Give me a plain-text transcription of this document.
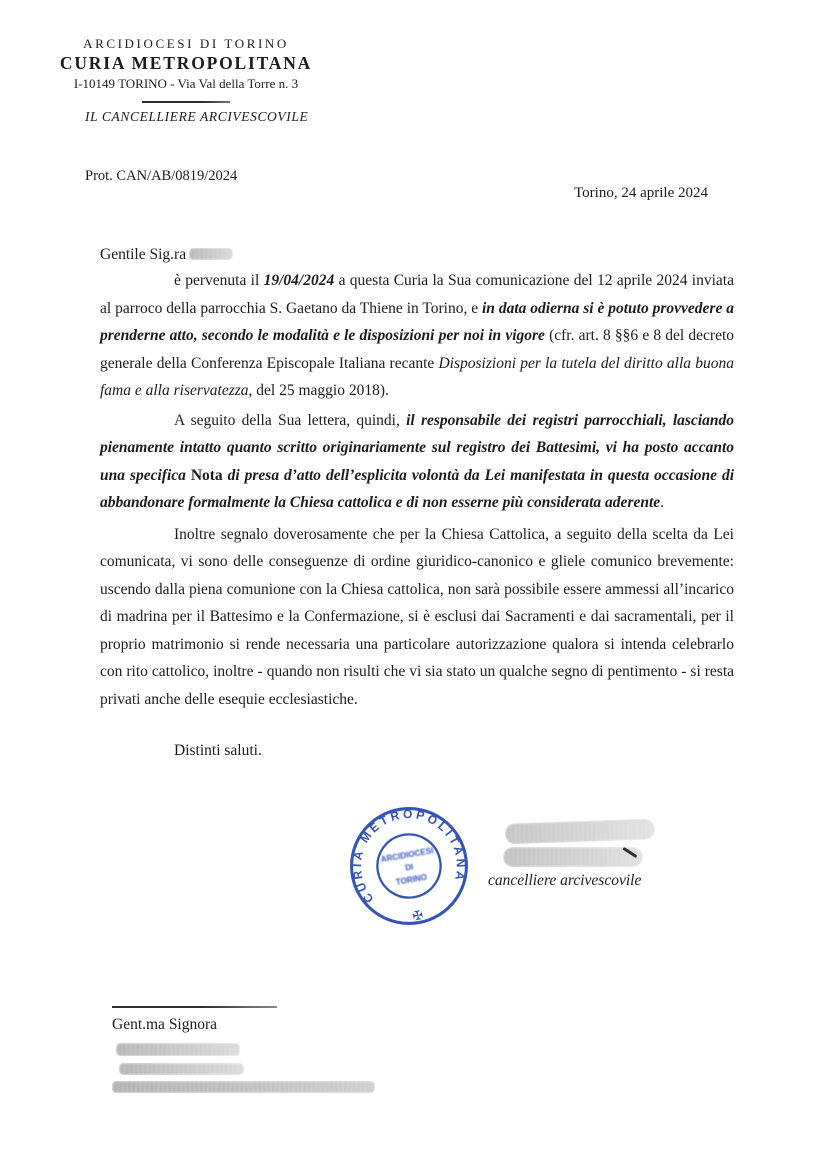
ARCIDIOCESI DI TORINO
CURIA METROPOLITANA
I-10149 TORINO - Via Val della Torre n. 3
IL CANCELLIERE ARCIVESCOVILE
Prot. CAN/AB/0819/2024
Torino, 24 aprile 2024
Gentile Sig.ra

è pervenuta il 19/04/2024 a questa Curia la Sua comunicazione del 12 aprile 2024 inviata al parroco della parrocchia S. Gaetano da Thiene in Torino, e in data odierna si è potuto provvedere a prenderne atto, secondo le modalità e le disposizioni per noi in vigore (cfr. art. 8 §§6 e 8 del decreto generale della Conferenza Episcopale Italiana recante Disposizioni per la tutela del diritto alla buona fama e alla riservatezza, del 25 maggio 2018).

A seguito della Sua lettera, quindi, il responsabile dei registri parrocchiali, lasciando pienamente intatto quanto scritto originariamente sul registro dei Battesimi, vi ha posto accanto una specifica Nota di presa d’atto dell’esplicita volontà da Lei manifestata in questa occasione di abbandonare formalmente la Chiesa cattolica e di non esserne più considerata aderente.

Inoltre segnalo doverosamente che per la Chiesa Cattolica, a seguito della scelta da Lei comunicata, vi sono delle conseguenze di ordine giuridico-canonico e gliele comunico brevemente: uscendo dalla piena comunione con la Chiesa cattolica, non sarà possibile essere ammessi all’incarico di madrina per il Battesimo e la Confermazione, si è esclusi dai Sacramenti e dai sacramentali, per il proprio matrimonio si rende necessaria una particolare autorizzazione qualora si intenda celebrarlo con rito cattolico, inoltre - quando non risulti che vi sia stato un qualche segno di pentimento - si resta privati anche delle esequie ecclesiastiche.

Distinti saluti.

CURIA METROPOLITANA
✠
ARCIDIOCESI
DI
TORINO	cancelliere arcivescovile
Gent.ma Signora
